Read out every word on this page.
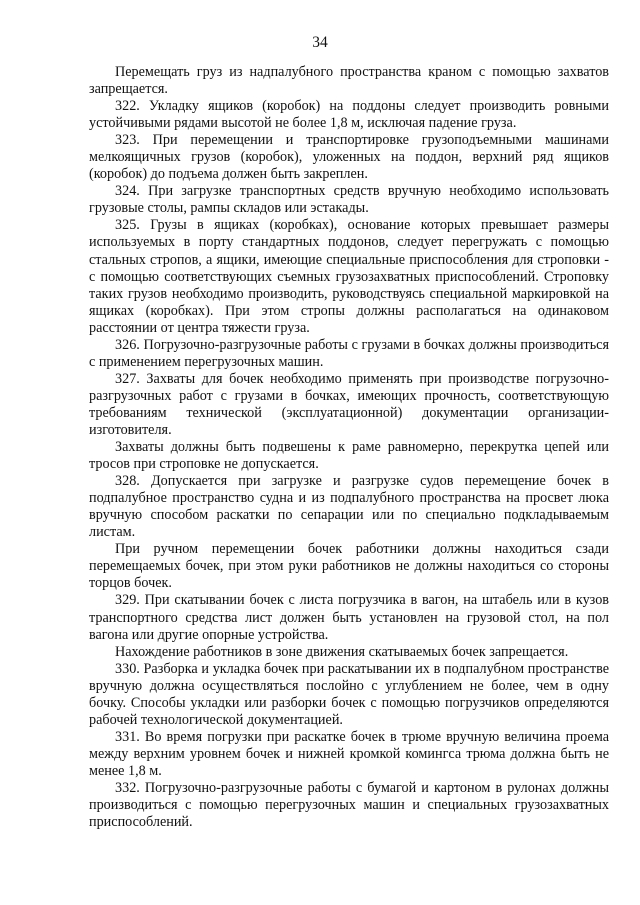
34

Перемещать груз из надпалубного пространства краном с помощью захватов запрещается.

322. Укладку ящиков (коробок) на поддоны следует производить ровными устойчивыми рядами высотой не более 1,8 м, исключая падение груза.

323. При перемещении и транспортировке грузоподъемными машинами мелкоящичных грузов (коробок), уложенных на поддон, верхний ряд ящиков (коробок) до подъема должен быть закреплен.

324. При загрузке транспортных средств вручную необходимо использовать грузовые столы, рампы складов или эстакады.

325. Грузы в ящиках (коробках), основание которых превышает размеры используемых в порту стандартных поддонов, следует перегружать с помощью стальных стропов, а ящики, имеющие специальные приспособления для строповки - с помощью соответствующих съемных грузозахватных приспособлений. Строповку таких грузов необходимо производить, руководствуясь специальной маркировкой на ящиках (коробках). При этом стропы должны располагаться на одинаковом расстоянии от центра тяжести груза.

326. Погрузочно-разгрузочные работы с грузами в бочках должны производиться с применением перегрузочных машин.

327. Захваты для бочек необходимо применять при производстве погрузочно-разгрузочных работ с грузами в бочках, имеющих прочность, соответствующую требованиям технической (эксплуатационной) документации организации-изготовителя.

Захваты должны быть подвешены к раме равномерно, перекрутка цепей или тросов при строповке не допускается.

328. Допускается при загрузке и разгрузке судов перемещение бочек в подпалубное пространство судна и из подпалубного пространства на просвет люка вручную способом раскатки по сепарации или по специально подкладываемым листам.

При ручном перемещении бочек работники должны находиться сзади перемещаемых бочек, при этом руки работников не должны находиться со стороны торцов бочек.

329. При скатывании бочек с листа погрузчика в вагон, на штабель или в кузов транспортного средства лист должен быть установлен на грузовой стол, на пол вагона или другие опорные устройства.

Нахождение работников в зоне движения скатываемых бочек запрещается.

330. Разборка и укладка бочек при раскатывании их в подпалубном пространстве вручную должна осуществляться послойно с углублением не более, чем в одну бочку. Способы укладки или разборки бочек с помощью погрузчиков определяются рабочей технологической документацией.

331. Во время погрузки при раскатке бочек в трюме вручную величина проема между верхним уровнем бочек и нижней кромкой комингса трюма должна быть не менее 1,8 м.

332. Погрузочно-разгрузочные работы с бумагой и картоном в рулонах должны производиться с помощью перегрузочных машин и специальных грузозахватных приспособлений.
